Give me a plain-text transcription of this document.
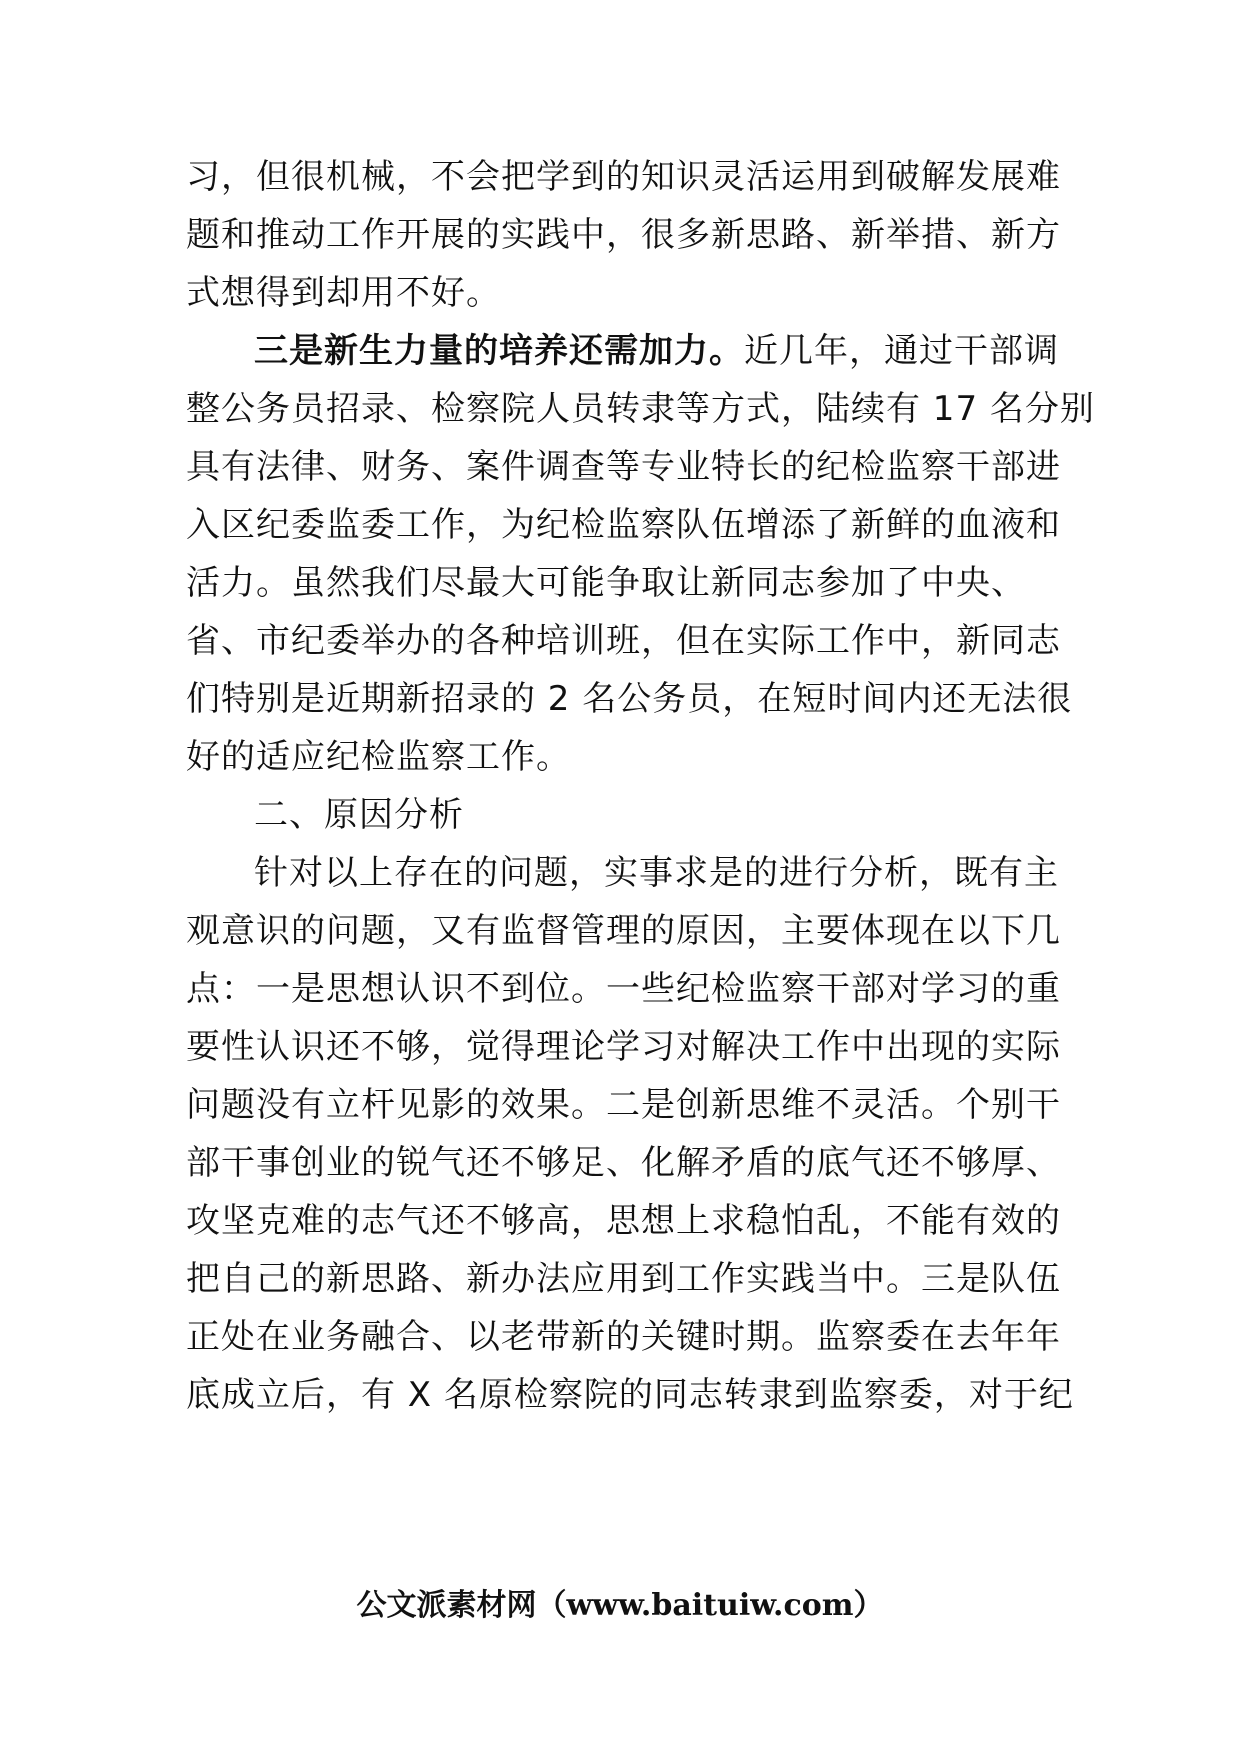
习，但很机械，不会把学到的知识灵活运用到破解发展难
题和推动工作开展的实践中，很多新思路、新举措、新方
式想得到却用不好。
三是新生力量的培养还需加力。近几年，通过干部调
整公务员招录、检察院人员转隶等方式，陆续有 17 名分别
具有法律、财务、案件调查等专业特长的纪检监察干部进
入区纪委监委工作，为纪检监察队伍增添了新鲜的血液和
活力。虽然我们尽最大可能争取让新同志参加了中央、
省、市纪委举办的各种培训班，但在实际工作中，新同志
们特别是近期新招录的 2 名公务员，在短时间内还无法很
好的适应纪检监察工作。
二、原因分析
针对以上存在的问题，实事求是的进行分析，既有主
观意识的问题，又有监督管理的原因，主要体现在以下几
点：一是思想认识不到位。一些纪检监察干部对学习的重
要性认识还不够，觉得理论学习对解决工作中出现的实际
问题没有立杆见影的效果。二是创新思维不灵活。个别干
部干事创业的锐气还不够足、化解矛盾的底气还不够厚、
攻坚克难的志气还不够高，思想上求稳怕乱，不能有效的
把自己的新思路、新办法应用到工作实践当中。三是队伍
正处在业务融合、以老带新的关键时期。监察委在去年年
底成立后，有 X 名原检察院的同志转隶到监察委，对于纪
公文派素材网（www.baituiw.com）
